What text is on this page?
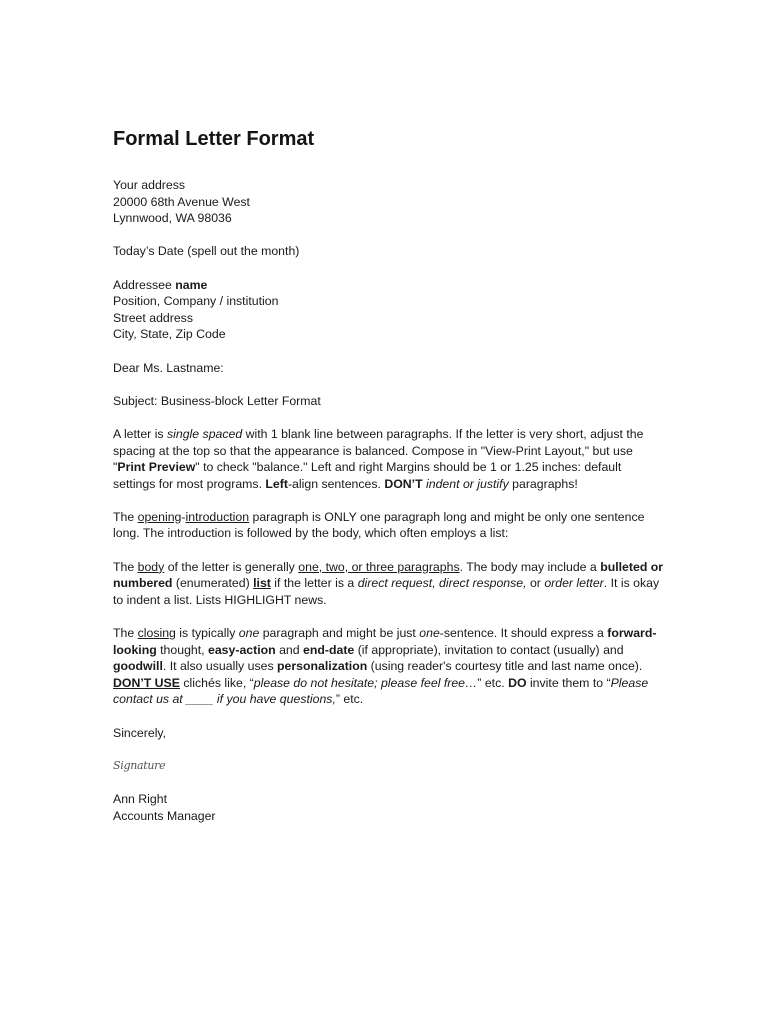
Formal Letter Format
Your address
20000 68th Avenue West
Lynnwood, WA 98036
Today’s Date (spell out the month)
Addressee name
Position, Company / institution
Street address
City, State, Zip Code
Dear Ms. Lastname:
Subject: Business-block Letter Format
A letter is single spaced with 1 blank line between paragraphs. If the letter is very short, adjust the
spacing at the top so that the appearance is balanced. Compose in "View-Print Layout," but use
"Print Preview" to check "balance." Left and right Margins should be 1 or 1.25 inches: default
settings for most programs. Left-align sentences. DON’T indent or justify paragraphs!
The opening-introduction paragraph is ONLY one paragraph long and might be only one sentence
long. The introduction is followed by the body, which often employs a list:
The body of the letter is generally one, two, or three paragraphs. The body may include a bulleted or
numbered (enumerated) list if the letter is a direct request, direct response, or order letter. It is okay
to indent a list. Lists HIGHLIGHT news.
The closing is typically one paragraph and might be just one-sentence. It should express a forward-
looking thought, easy-action and end-date (if appropriate), invitation to contact (usually) and
goodwill. It also usually uses personalization (using reader's courtesy title and last name once).
DON’T USE clichés like, “please do not hesitate; please feel free…” etc. DO invite them to “Please
contact us at ____ if you have questions,” etc.
Sincerely,
Signature
Ann Right
Accounts Manager
